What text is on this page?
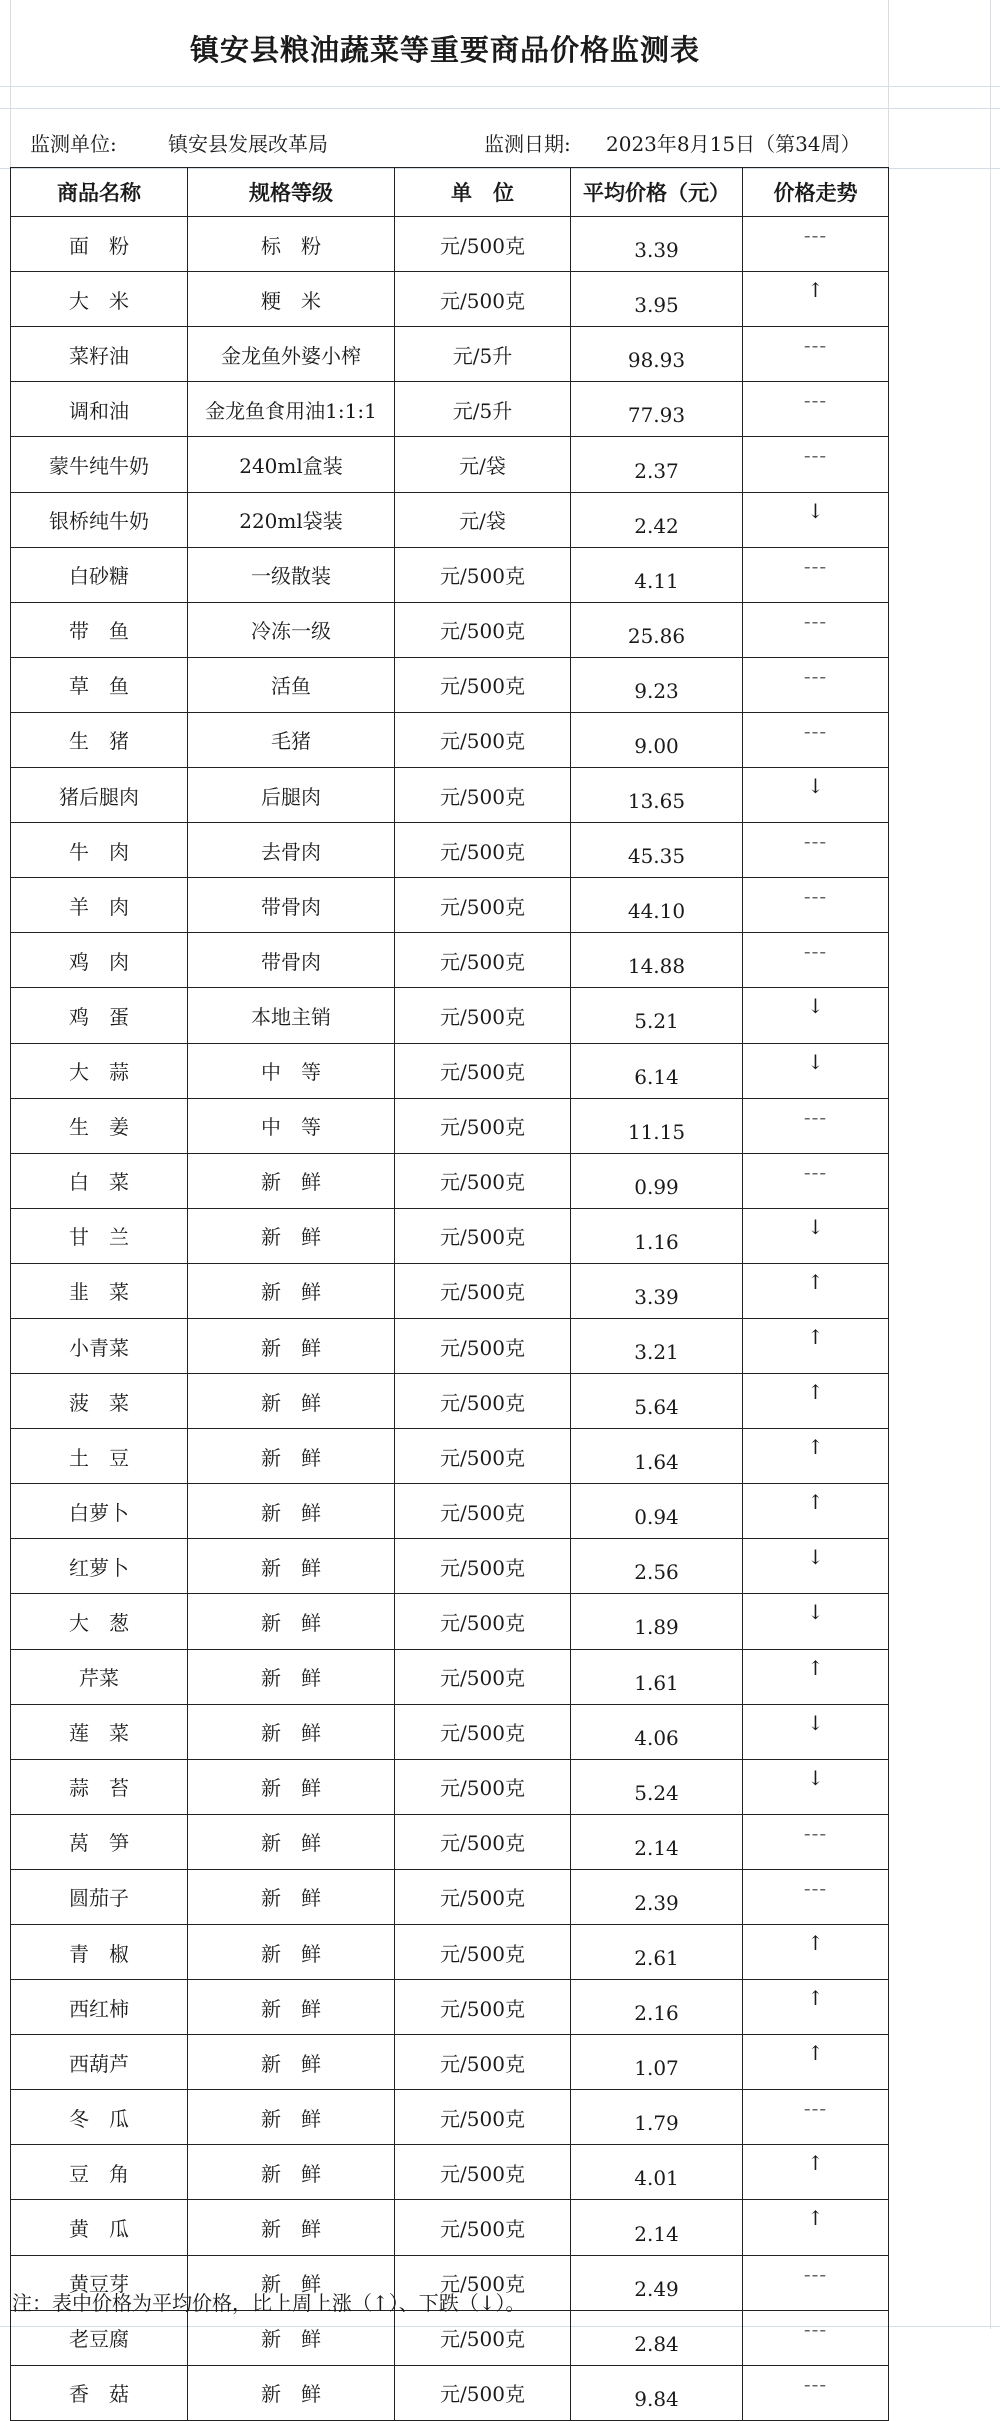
镇安县粮油蔬菜等重要商品价格监测表
监测单位:	镇安县发展改革局	监测日期: 2023年8月15日（第34周）
商品名称	规格等级	单　位	平均价格（元）	价格走势
面　粉	标　粉	元/500克	3.39	---
大　米	粳　米	元/500克	3.95	↑
菜籽油	金龙鱼外婆小榨	元/5升	98.93	---
调和油	金龙鱼食用油1:1:1	元/5升	77.93	---
蒙牛纯牛奶	240ml盒装	元/袋	2.37	---
银桥纯牛奶	220ml袋装	元/袋	2.42	↓
白砂糖	一级散装	元/500克	4.11	---
带　鱼	冷冻一级	元/500克	25.86	---
草　鱼	活鱼	元/500克	9.23	---
生　猪	毛猪	元/500克	9.00	---
猪后腿肉	后腿肉	元/500克	13.65	↓
牛　肉	去骨肉	元/500克	45.35	---
羊　肉	带骨肉	元/500克	44.10	---
鸡　肉	带骨肉	元/500克	14.88	---
鸡　蛋	本地主销	元/500克	5.21	↓
大　蒜	中　等	元/500克	6.14	↓
生　姜	中　等	元/500克	11.15	---
白　菜	新　鲜	元/500克	0.99	---
甘　兰	新　鲜	元/500克	1.16	↓
韭　菜	新　鲜	元/500克	3.39	↑
小青菜	新　鲜	元/500克	3.21	↑
菠　菜	新　鲜	元/500克	5.64	↑
土　豆	新　鲜	元/500克	1.64	↑
白萝卜	新　鲜	元/500克	0.94	↑
红萝卜	新　鲜	元/500克	2.56	↓
大　葱	新　鲜	元/500克	1.89	↓
芹菜	新　鲜	元/500克	1.61	↑
莲　菜	新　鲜	元/500克	4.06	↓
蒜　苔	新　鲜	元/500克	5.24	↓
莴　笋	新　鲜	元/500克	2.14	---
圆茄子	新　鲜	元/500克	2.39	---
青　椒	新　鲜	元/500克	2.61	↑
西红柿	新　鲜	元/500克	2.16	↑
西葫芦	新　鲜	元/500克	1.07	↑
冬　瓜	新　鲜	元/500克	1.79	---
豆　角	新　鲜	元/500克	4.01	↑
黄　瓜	新　鲜	元/500克	2.14	↑
黄豆芽	新　鲜	元/500克	2.49	---
老豆腐	新　鲜	元/500克	2.84	---
香　菇	新　鲜	元/500克	9.84	---
注：表中价格为平均价格，比上周上涨（↑）、下跌（↓）。
